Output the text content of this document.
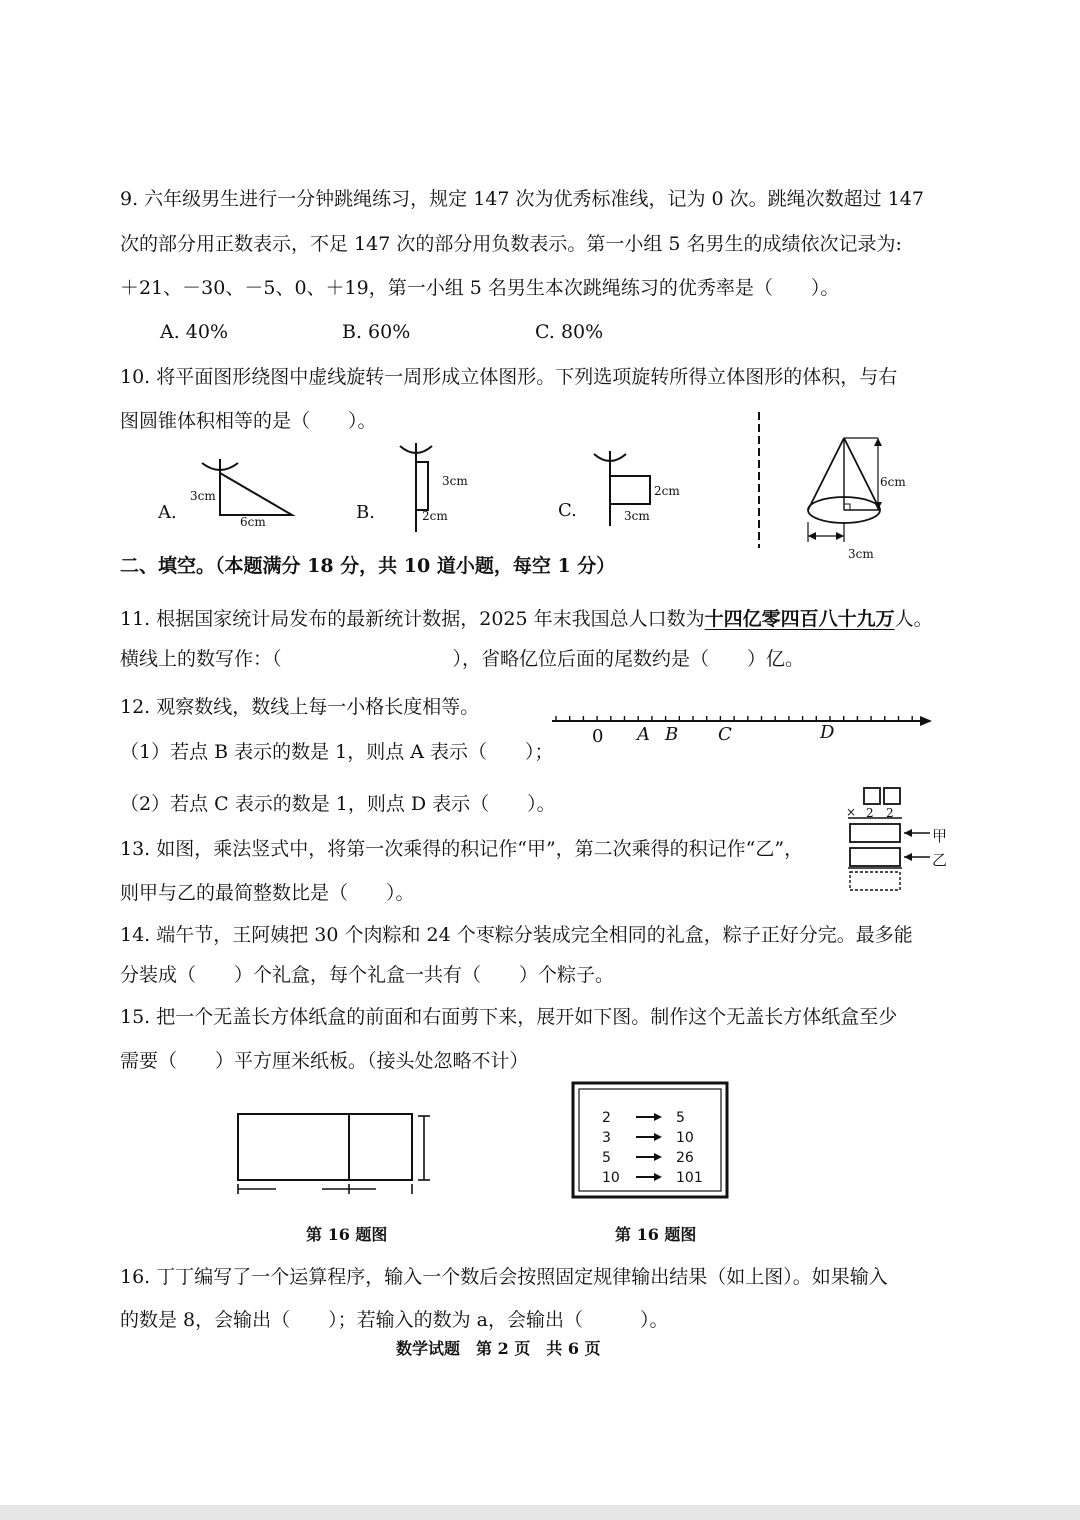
9. 六年级男生进行一分钟跳绳练习，规定 147 次为优秀标准线，记为 0 次。跳绳次数超过 147
次的部分用正数表示，不足 147 次的部分用负数表示。第一小组 5 名男生的成绩依次记录为:
＋21、－30、－5、0、＋19，第一小组 5 名男生本次跳绳练习的优秀率是（　　）。
A. 40%	B. 60%	C. 80%
10. 将平面图形绕图中虚线旋转一周形成立体图形。下列选项旋转所得立体图形的体积，与右
图圆锥体积相等的是（　　）。
A.
3cm
6cm	B.
3cm
2cm	C.
2cm
3cm
6cm
3cm
二、填空。（本题满分 18 分，共 10 道小题，每空 1 分）
11. 根据国家统计局发布的最新统计数据，2025 年末我国总人口数为十四亿零四百八十九万人。
横线上的数写作：（　　　　　　　　　），省略亿位后面的尾数约是（　　）亿。
12. 观察数线，数线上每一小格长度相等。
（1）若点 B 表示的数是 1，则点 A 表示（　　）；
（2）若点 C 表示的数是 1，则点 D 表示（　　）。
0 A B C	D
13. 如图，乘法竖式中，将第一次乘得的积记作“甲”，第二次乘得的积记作“乙”，
则甲与乙的最简整数比是（　　）。
× 2 2
甲
乙
14. 端午节，王阿姨把 30 个肉粽和 24 个枣粽分装成完全相同的礼盒，粽子正好分完。最多能
分装成（　　）个礼盒，每个礼盒一共有（　　）个粽子。
15. 把一个无盖长方体纸盒的前面和右面剪下来，展开如下图。制作这个无盖长方体纸盒至少
需要（　　）平方厘米纸板。（接头处忽略不计）
第 16 题图
2	5
3	10
5	26
10	101
第 16 题图
16. 丁丁编写了一个运算程序，输入一个数后会按照固定规律输出结果（如上图）。如果输入
的数是 8，会输出（　　）；若输入的数为 a，会输出（　　　）。
数学试题　第 2 页　共 6 页
